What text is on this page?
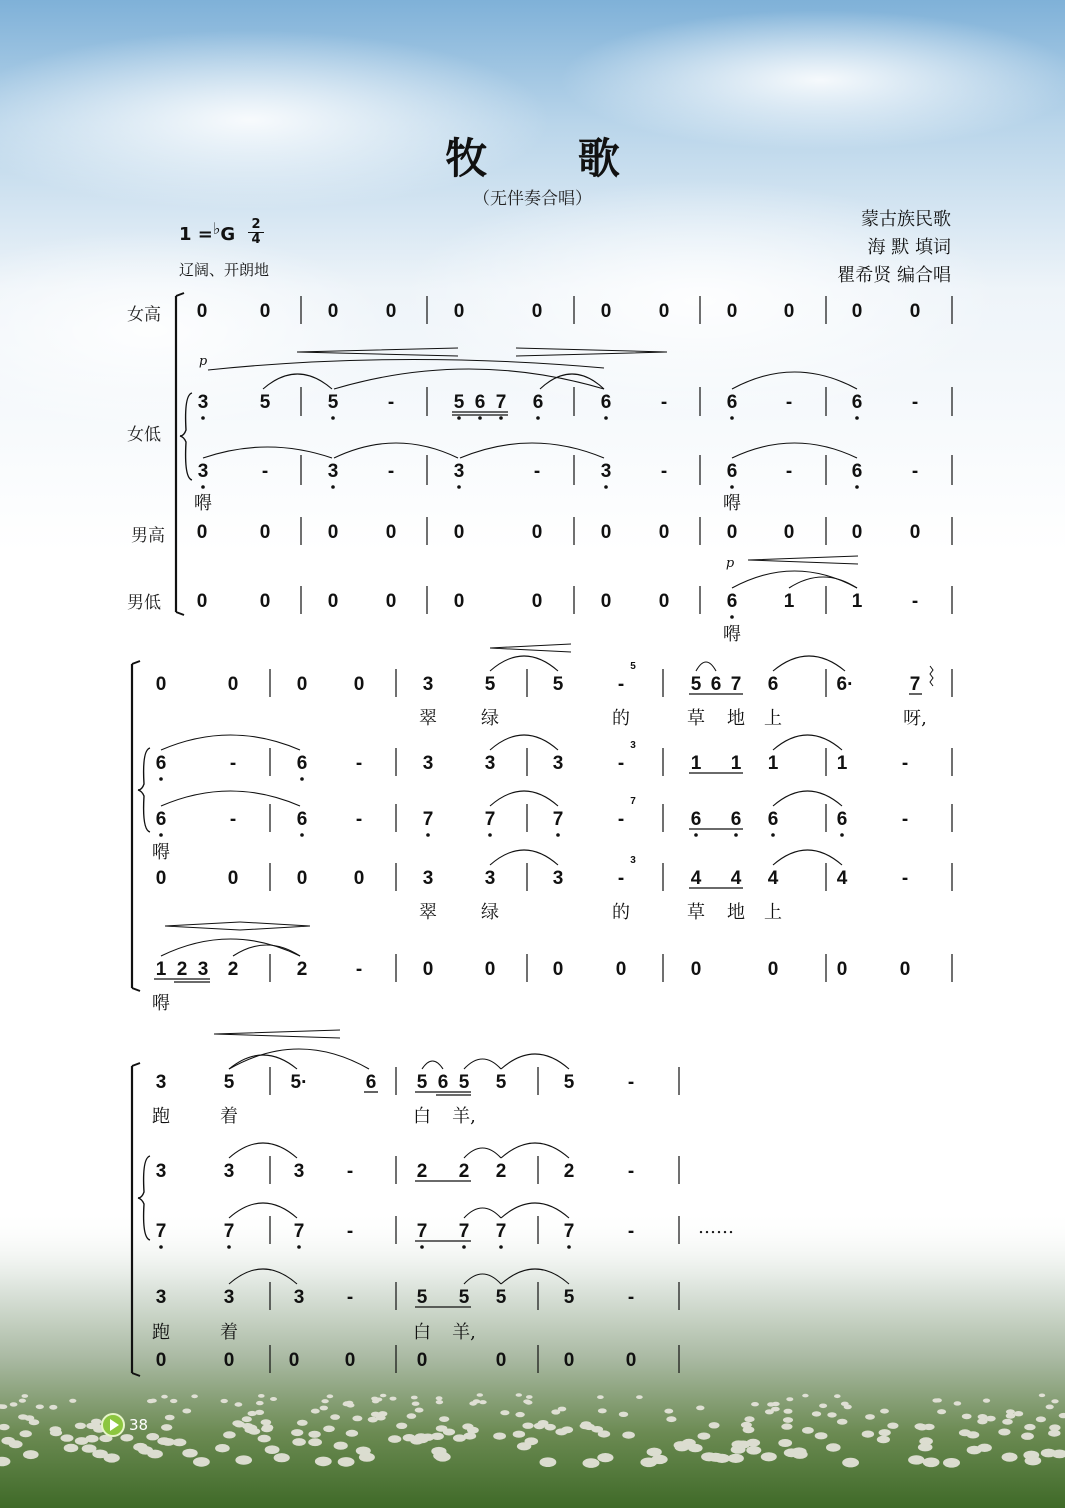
牧 歌
（无伴奏合唱）
蒙古族民歌
海 默 填词
瞿希贤 编合唱
1 =♭G 2
4
辽阔、开朗地
女高
女低
男高
男低
0	0	0 0	0	0	0 0	0 0	0 0
3	5	5	-	5 6 7 6	6	-	6	-	6	-
p
3	-	3	-	3	-	3	-	6	-	6	-
嘚	嘚
0	0	0 0	0	0	0 0	0 0	0 0
0	0	0 0	0	0	0 0	6 1	1	-
p
嘚
0	0	0 0	3	5	5	-	5 6 7 6	6·	7
5
翠 绿	的	草 地 上	呀,
6	-	6	-	3	3	3	-	1 1 1	1	-
3
6	-	6	-	7	7	7	-	6 6 6	6	-
7
嘚
0	0	0 0	3	3	3	-	4 4 4	4	-
3
翠 绿	的	草 地 上
1 2 3 2	2	-	0	0	0	0	0	0	0	0
嘚
3	5	5·	6 5 6 5 5	5	-
跑	着	白 羊,
3	3	3 -	2 2 2	2	-
7	7	7 -	7 7 7	7	-	……
3	3	3 -	5 5 5	5	-
跑	着	白 羊,
0	0	0 0	0	0	0	0
38
